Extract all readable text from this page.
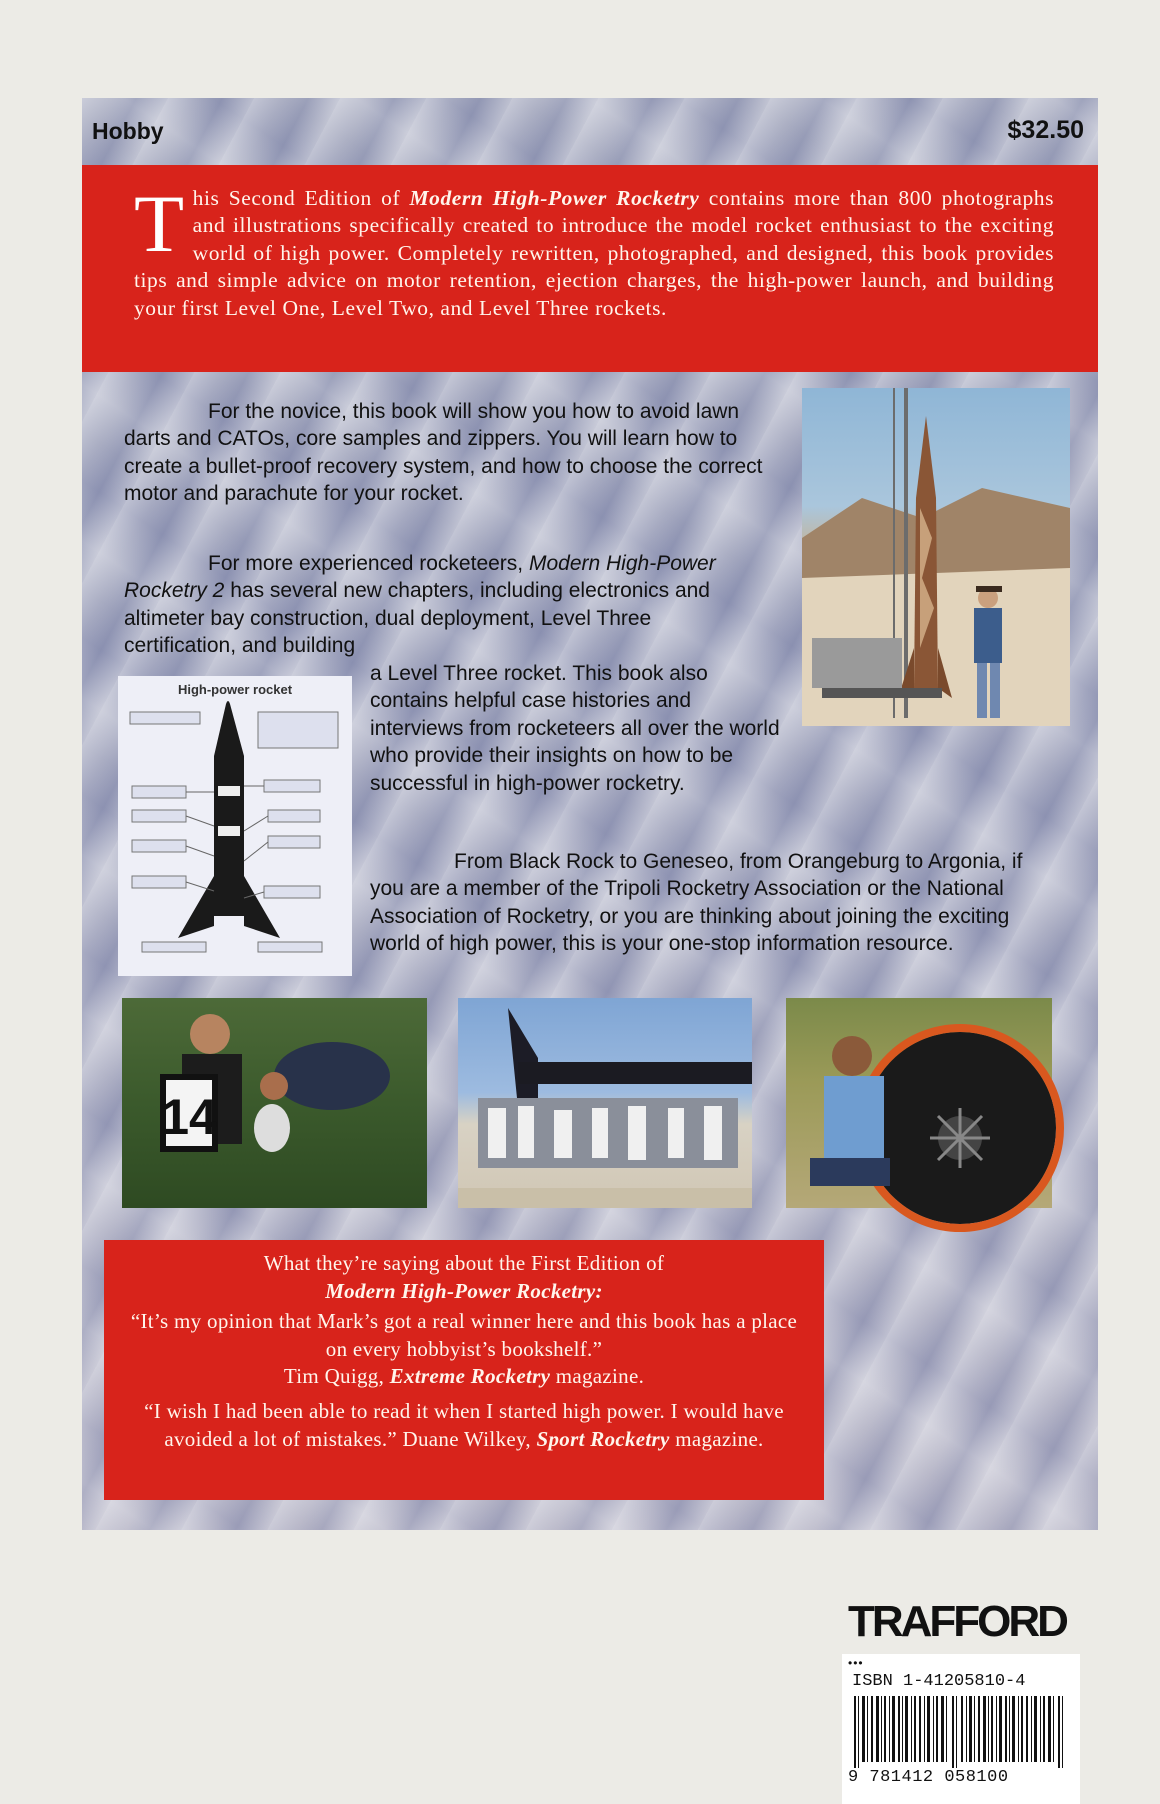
Hobby	$32.50
This Second Edition of Modern High-Power Rocketry contains more than 800 photographs and illustrations specifically created to introduce the model rocket enthusiast to the exciting world of high power. Completely rewritten, photographed, and designed, this book provides tips and simple advice on motor retention, ejection charges, the high-power launch, and building your first Level One, Level Two, and Level Three rockets.
For the novice, this book will show you how to avoid lawn darts and CATOs, core samples and zippers. You will learn how to create a bullet-proof recovery system, and how to choose the correct motor and parachute for your rocket.
For more experienced rocketeers, Modern High-Power Rocketry 2 has several new chapters, including electronics and altimeter bay construction, dual deployment, Level Three certification, and building
a Level Three rocket. This book also contains helpful case histories and interviews from rocketeers all over the world who provide their insights on how to be successful in high-power rocketry.
From Black Rock to Geneseo, from Orangeburg to Argonia, if you are a member of the Tripoli Rocketry Association or the National Association of Rocketry, or you are thinking about joining the exciting world of high power, this is your one-stop information resource.
High-power rocket
14
What they’re saying about the First Edition of
Modern High-Power Rocketry:
“It’s my opinion that Mark’s got a real winner here and this book has a place on every hobbyist’s bookshelf.”
Tim Quigg, Extreme Rocketry magazine.
“I wish I had been able to read it when I started high power. I would have avoided a lot of mistakes.” Duane Wilkey, Sport Rocketry magazine.
TRAFFORD
•••
ISBN 1-41205810-4
9 781412 058100
